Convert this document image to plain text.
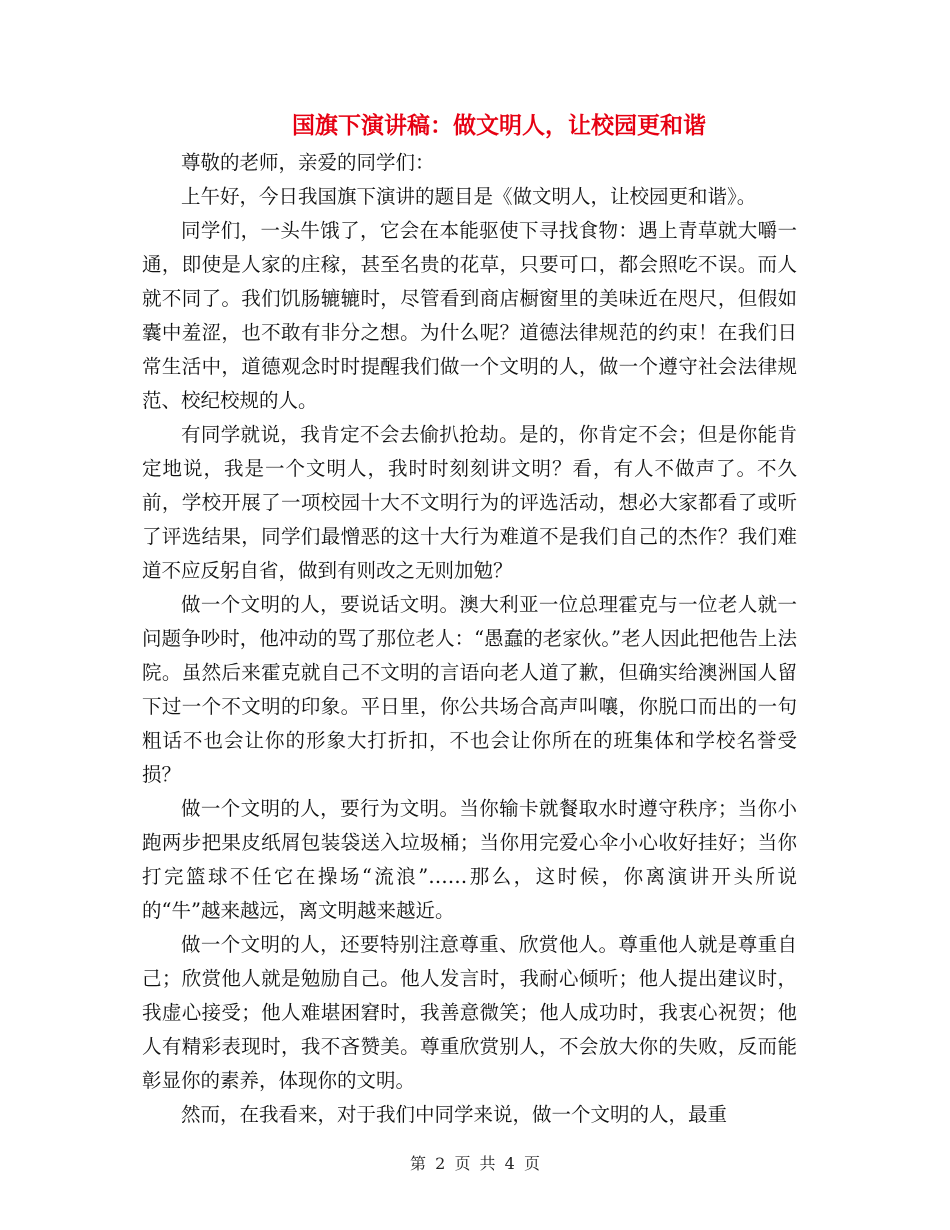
国旗下演讲稿：做文明人，让校园更和谐

尊敬的老师，亲爱的同学们：

上午好，今日我国旗下演讲的题目是《做文明人，让校园更和谐》。

同学们，一头牛饿了，它会在本能驱使下寻找食物：遇上青草就大嚼一通，即使是人家的庄稼，甚至名贵的花草，只要可口，都会照吃不误。而人就不同了。我们饥肠辘辘时，尽管看到商店橱窗里的美味近在咫尺，但假如囊中羞涩，也不敢有非分之想。为什么呢？道德法律规范的约束！在我们日常生活中，道德观念时时提醒我们做一个文明的人，做一个遵守社会法律规范、校纪校规的人。

有同学就说，我肯定不会去偷扒抢劫。是的，你肯定不会；但是你能肯定地说，我是一个文明人，我时时刻刻讲文明？看，有人不做声了。不久前，学校开展了一项校园十大不文明行为的评选活动，想必大家都看了或听了评选结果，同学们最憎恶的这十大行为难道不是我们自己的杰作？我们难道不应反躬自省，做到有则改之无则加勉？

做一个文明的人，要说话文明。澳大利亚一位总理霍克与一位老人就一问题争吵时，他冲动的骂了那位老人：“愚蠢的老家伙。”老人因此把他告上法院。虽然后来霍克就自己不文明的言语向老人道了歉，但确实给澳洲国人留下过一个不文明的印象。平日里，你公共场合高声叫嚷，你脱口而出的一句粗话不也会让你的形象大打折扣，不也会让你所在的班集体和学校名誉受损？

做一个文明的人，要行为文明。当你输卡就餐取水时遵守秩序；当你小跑两步把果皮纸屑包装袋送入垃圾桶；当你用完爱心伞小心收好挂好；当你打完篮球不任它在操场“流浪”……那么，这时候，你离演讲开头所说的“牛”越来越远，离文明越来越近。

做一个文明的人，还要特别注意尊重、欣赏他人。尊重他人就是尊重自己；欣赏他人就是勉励自己。他人发言时，我耐心倾听；他人提出建议时，我虚心接受；他人难堪困窘时，我善意微笑；他人成功时，我衷心祝贺；他人有精彩表现时，我不吝赞美。尊重欣赏别人，不会放大你的失败，反而能彰显你的素养，体现你的文明。

然而，在我看来，对于我们中同学来说，做一个文明的人，最重

第 2 页 共 4 页
